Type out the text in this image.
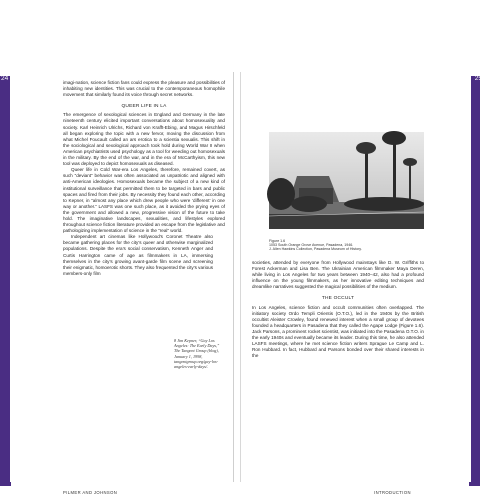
24

imagi-nation, science fiction fans could express the pleasure and possibilities of inhabiting new identities. This was crucial to the contemporaneous homophile movement that similarly found its voice through secret networks.

QUEER LIFE IN LA

The emergence of sexological sciences in England and Germany in the late nineteenth century elicited important conversations about homosexuality and society. Karl Heinrich Ulrichs, Richard von Krafft-Ebing, and Magus Hirschfeld all began exploring the topic with a new fervor, moving the discussion from what Michel Foucault called an ars erotica to a scientia sexualis. This shift in the sociological and sexological approach took hold during World War II when American psychiatrists used psychology as a tool for weeding out homosexuals in the military. By the end of the war, and in the era of McCarthyism, this new tool was deployed to depict homosexuals as diseased.

Queer life in Cold War-era Los Angeles, therefore, remained covert, as such “deviant” behavior was often associated as unpatriotic and aligned with anti-American ideologies. Homosexuals became the subject of a new kind of institutional surveillance that permitted them to be targeted in bars and public spaces and fired from their jobs. By necessity they found each other, according to Kepner, in “almost any place which drew people who were ‘different’ in one way or another.” LASFS was one such place, as it avoided the prying eyes of the government and allowed a new, progressive vision of the future to take hold. The imaginative landscapes, sexualities, and lifestyles explored throughout science fiction literature provided an escape from the legislative and pathologizing implementation of science in the “real” world.

Independent art cinemas like Hollywood’s Coronet Theatre also became gathering places for the city’s queer and otherwise marginalized populations. Despite the era’s social conservatism, Kenneth Anger and Curtis Harrington came of age as filmmakers in LA, immersing themselves in the city’s growing avant-garde film scene and screening their enigmatic, homoerotic shorts. They also frequented the city’s various members-only film

8 Jim Kepner, “Gay Los Angeles: The Early Days,” The Tangent Group (blog), January 1, 1998, tangentgroup.org/gay-los-angeles-early-days/.
PILMER AND JOHNSON
25
Figure 1.6
1053 South Orange Grove Avenue, Pasadena, 1946.
J. Allen Hawkins Collection, Pasadena Museum of History.

societies, attended by everyone from Hollywood mainstays like D. W. Griffiths to Forest Ackerman and Lisa Ben. The Ukrainian American filmmaker Maya Deren, while living in Los Angeles for two years between 1940–42, also had a profound influence on the young filmmakers, as her innovative editing techniques and dreamlike narratives suggested the magical possibilities of the medium.

THE OCCULT

In Los Angeles, science fiction and occult communities often overlapped. The initiatory society Ordo Templi Orientis (O.T.O.), led in the 1940s by the British occultist Aleister Crowley, found renewed interest when a small group of devotees founded a headquarters in Pasadena that they called the Agape Lodge (Figure 1.6). Jack Parsons, a prominent rocket scientist, was initiated into the Pasadena O.T.O. in the early 1940s and eventually became its leader. During this time, he also attended LASFS meetings, where he met science fiction writers Sprague Le Camp and L. Ron Hubbard. In fact, Hubbard and Parsons bonded over their shared interests in the

INTRODUCTION
